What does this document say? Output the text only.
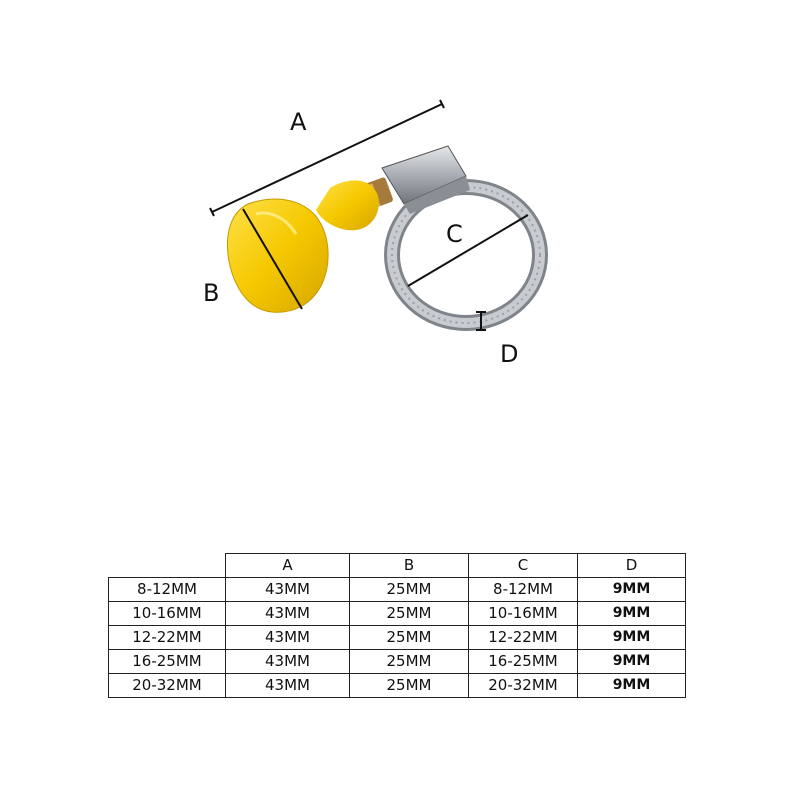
A
B
C
D
	A	B	C	D
8-12MM	43MM	25MM	8-12MM	9MM
10-16MM	43MM	25MM	10-16MM	9MM
12-22MM	43MM	25MM	12-22MM	9MM
16-25MM	43MM	25MM	16-25MM	9MM
20-32MM	43MM	25MM	20-32MM	9MM
